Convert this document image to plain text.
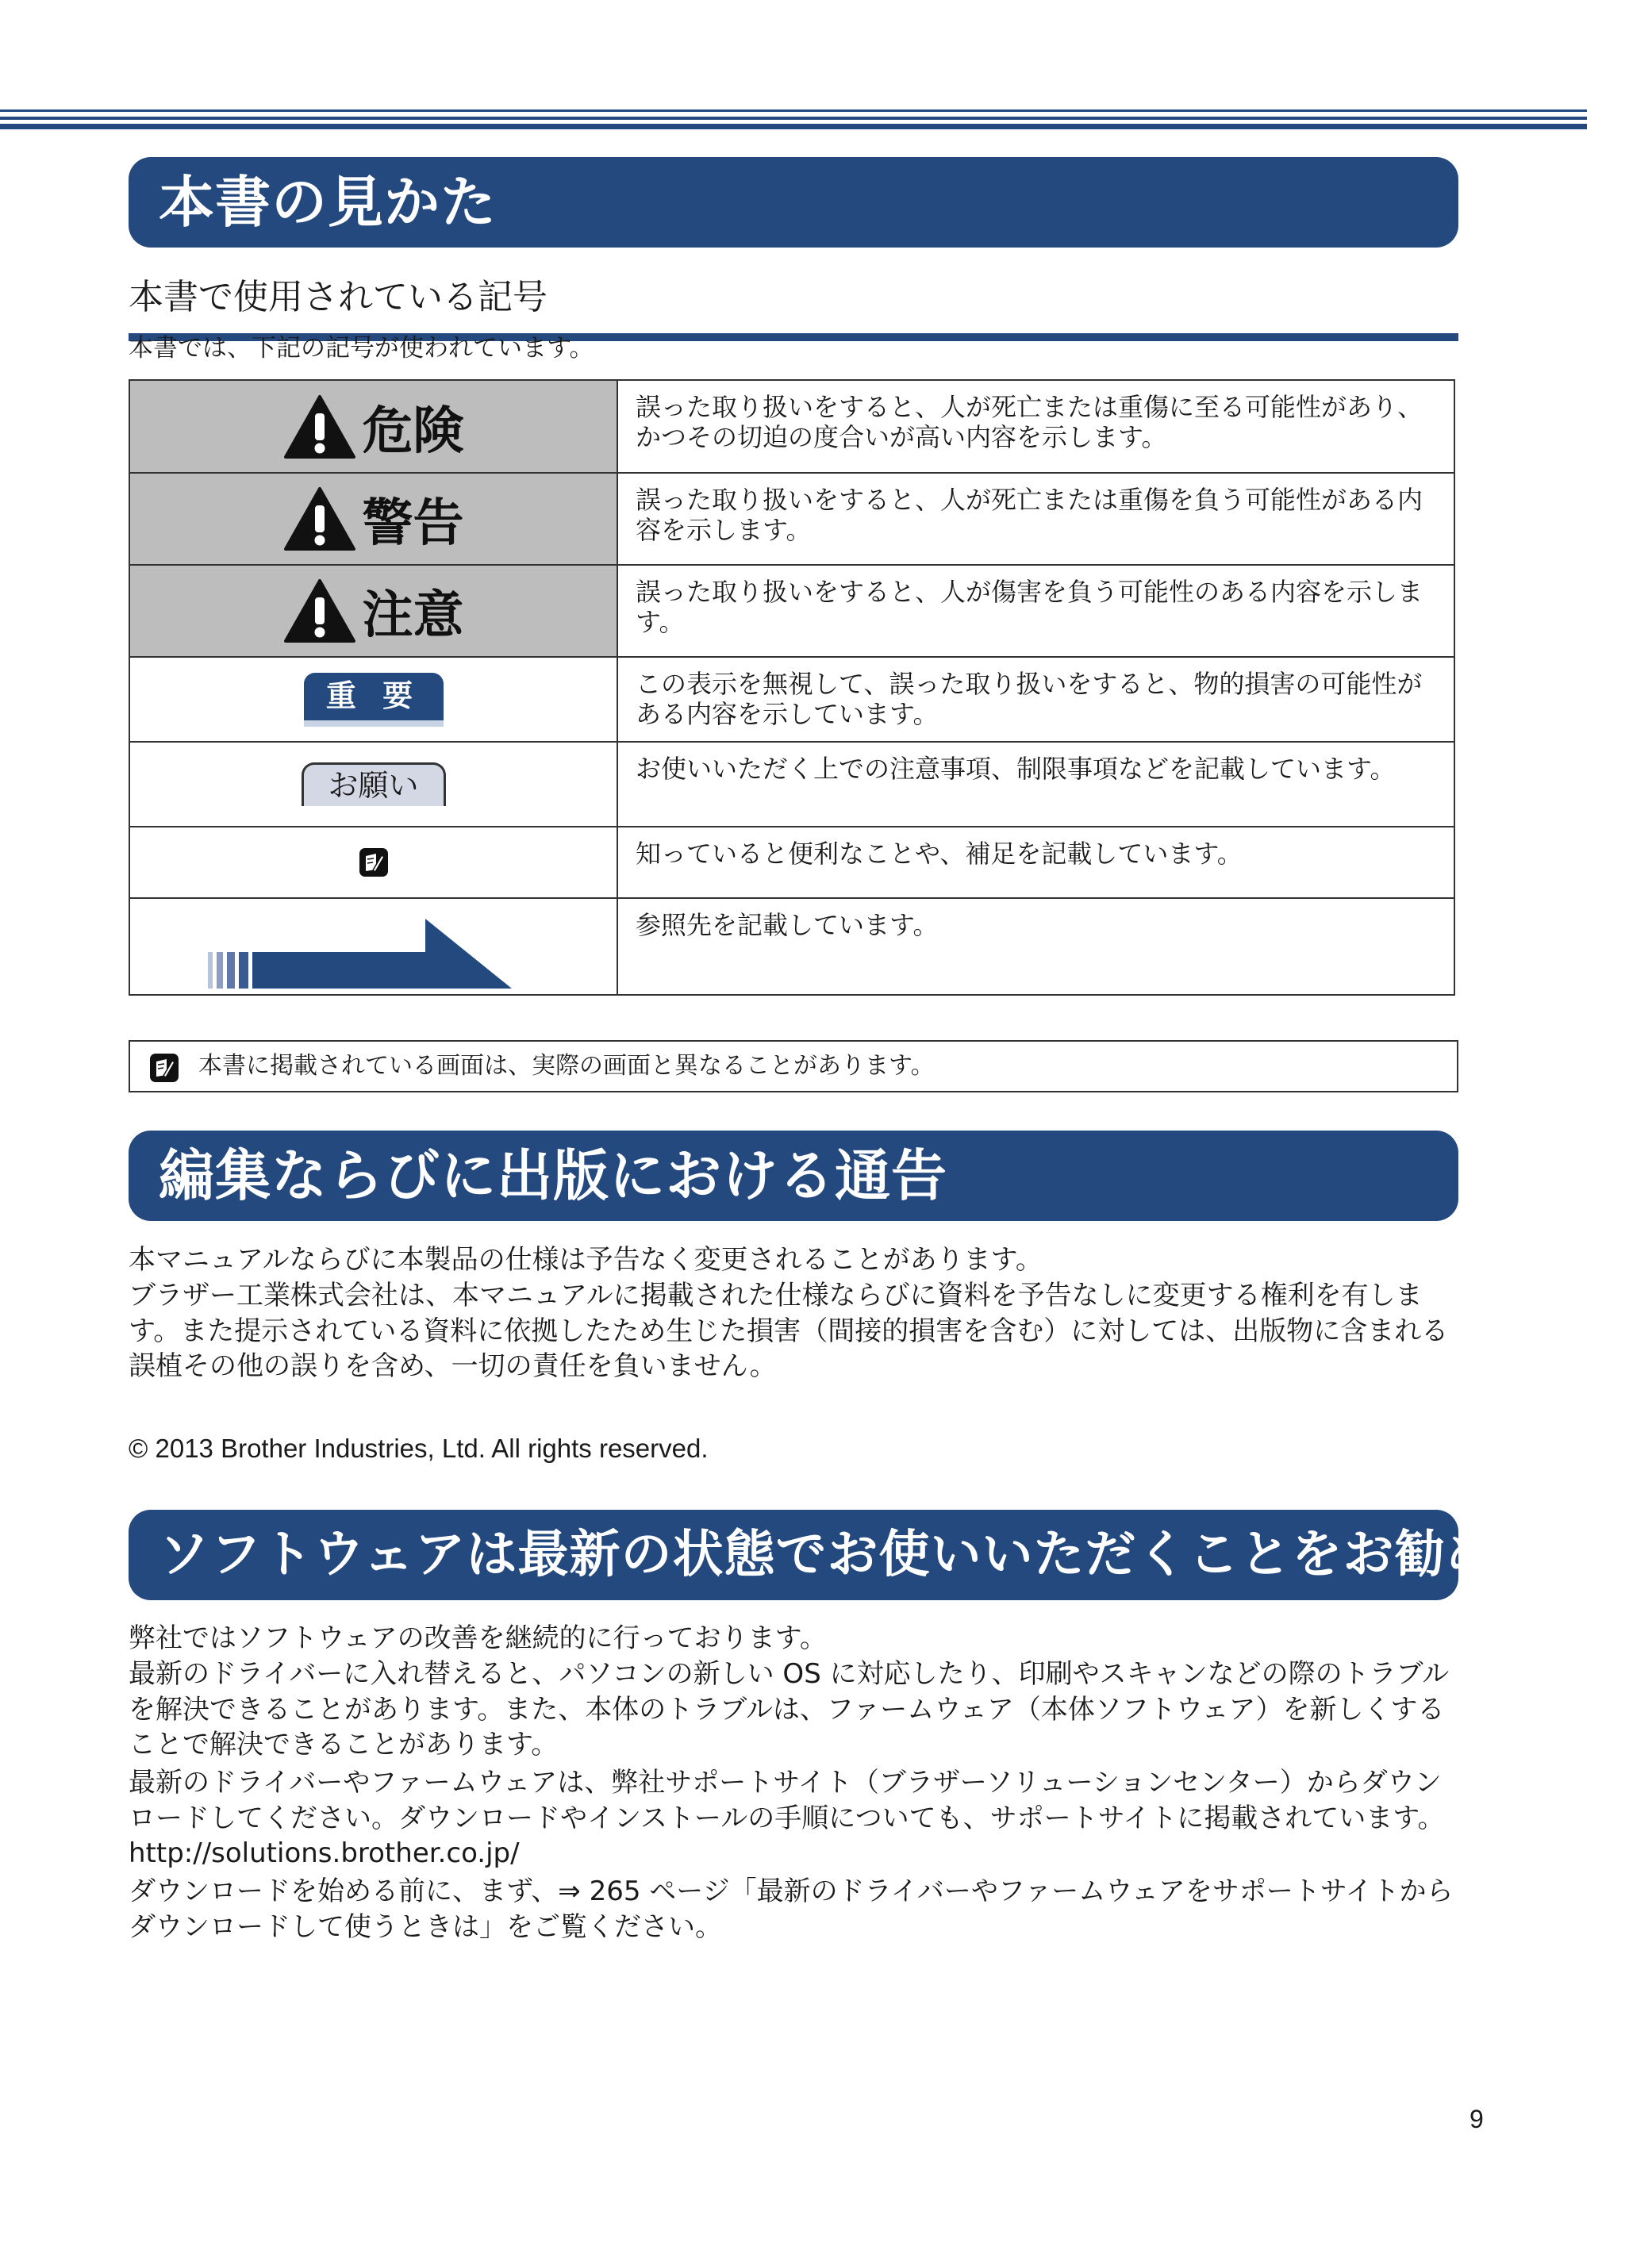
本書の見かた
本書で使用されている記号
本書では、下記の記号が使われています。
危険	誤った取り扱いをすると、人が死亡または重傷に至る可能性があり、かつその切迫の度合いが高い内容を示します。

警告	誤った取り扱いをすると、人が死亡または重傷を負う可能性がある内容を示します。

注意	誤った取り扱いをすると、人が傷害を負う可能性のある内容を示します。
重 要	この表示を無視して、誤った取り扱いをすると、物的損害の可能性がある内容を示しています。
お願い	お使いいただく上での注意事項、制限事項などを記載しています。
	知っていると便利なことや、補足を記載しています。

	参照先を記載しています。
本書に掲載されている画面は、実際の画面と異なることがあります。
編集ならびに出版における通告
本マニュアルならびに本製品の仕様は予告なく変更されることがあります。
ブラザー工業株式会社は、本マニュアルに掲載された仕様ならびに資料を予告なしに変更する権利を有します。また提示されている資料に依拠したため生じた損害（間接的損害を含む）に対しては、出版物に含まれる誤植その他の誤りを含め、一切の責任を負いません。
© 2013 Brother Industries, Ltd. All rights reserved.
ソフトウェアは最新の状態でお使いいただくことをお勧めします
弊社ではソフトウェアの改善を継続的に行っております。
最新のドライバーに入れ替えると、パソコンの新しい OS に対応したり、印刷やスキャンなどの際のトラブルを解決できることがあります。また、本体のトラブルは、ファームウェア（本体ソフトウェア）を新しくすることで解決できることがあります。
最新のドライバーやファームウェアは、弊社サポートサイト（ブラザーソリューションセンター）からダウンロードしてください。ダウンロードやインストールの手順についても、サポートサイトに掲載されています。http://solutions.brother.co.jp/
ダウンロードを始める前に、まず、⇒ 265 ページ「最新のドライバーやファームウェアをサポートサイトからダウンロードして使うときは」をご覧ください。
9
